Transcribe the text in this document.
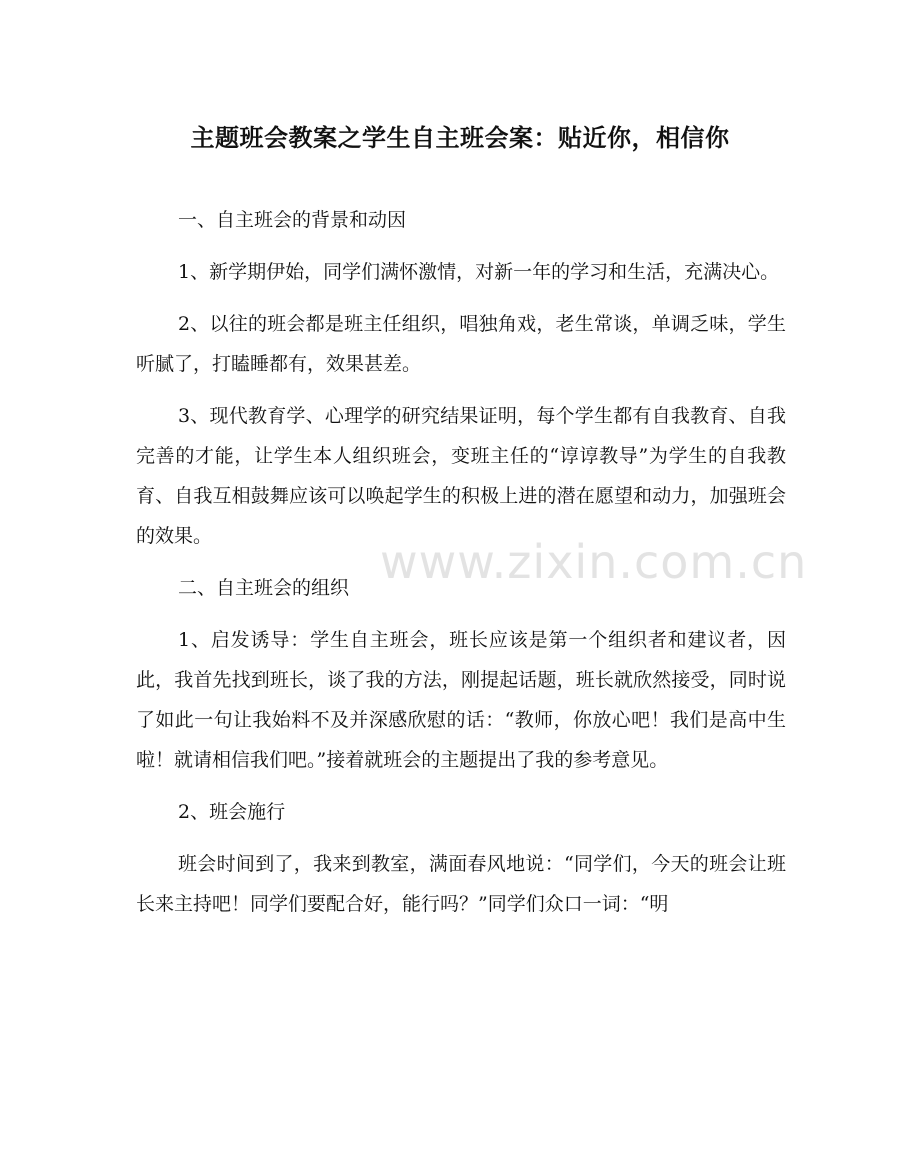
www.zixin.com.cn
主题班会教案之学生自主班会案：贴近你，相信你

一、自主班会的背景和动因

1、新学期伊始，同学们满怀激情，对新一年的学习和生活，充满决心。

2、以往的班会都是班主任组织，唱独角戏，老生常谈，单调乏味，学生听腻了，打瞌睡都有，效果甚差。

3、现代教育学、心理学的研究结果证明，每个学生都有自我教育、自我完善的才能，让学生本人组织班会，变班主任的“谆谆教导”为学生的自我教育、自我互相鼓舞应该可以唤起学生的积极上进的潜在愿望和动力，加强班会的效果。

二、自主班会的组织

1、启发诱导：学生自主班会，班长应该是第一个组织者和建议者，因此，我首先找到班长，谈了我的方法，刚提起话题，班长就欣然接受，同时说了如此一句让我始料不及并深感欣慰的话：“教师，你放心吧！我们是高中生啦！就请相信我们吧。”接着就班会的主题提出了我的参考意见。

2、班会施行

班会时间到了，我来到教室，满面春风地说：“同学们，今天的班会让班长来主持吧！同学们要配合好，能行吗？”同学们众口一词：“明
